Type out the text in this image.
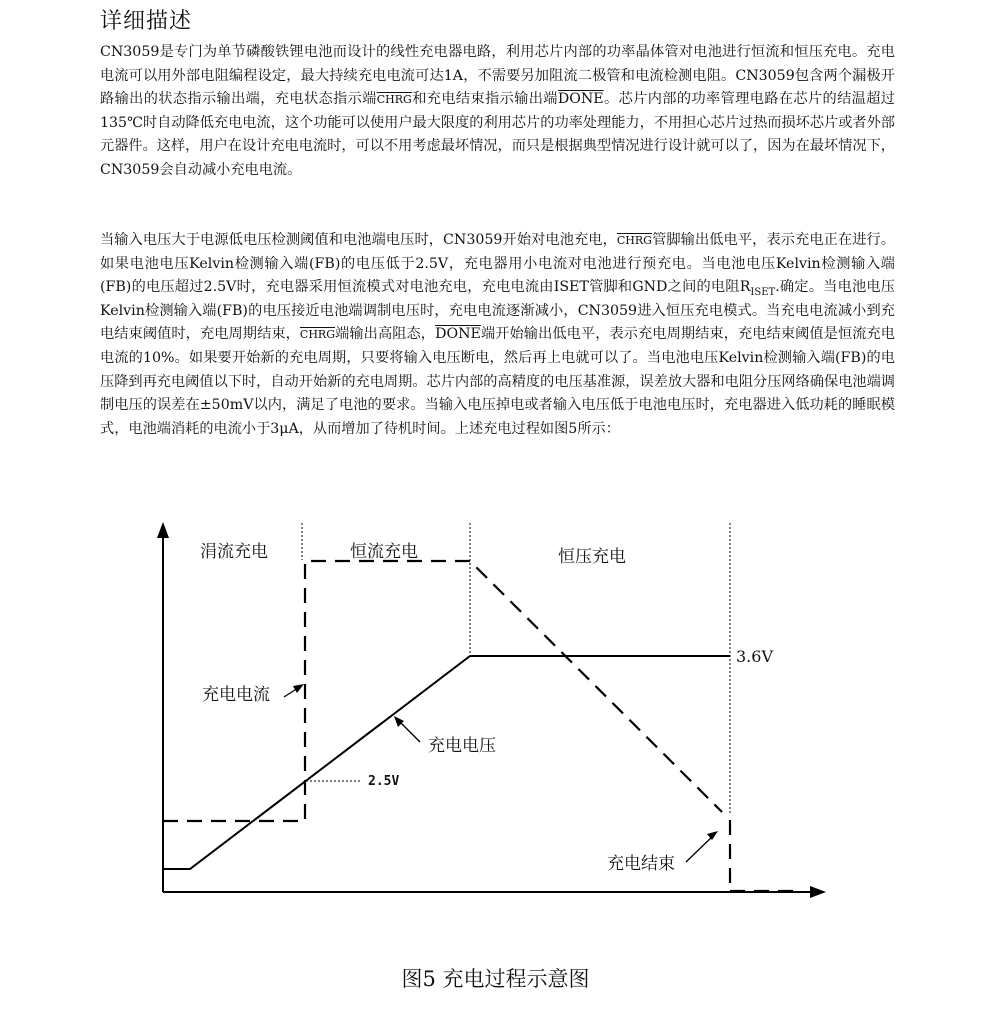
详细描述
CN3059是专门为单节磷酸铁锂电池而设计的线性充电器电路，利用芯片内部的功率晶体管对电池进行恒流和恒压充电。充电电流可以用外部电阻编程设定，最大持续充电电流可达1A，不需要另加阻流二极管和电流检测电阻。CN3059包含两个漏极开路输出的状态指示输出端，充电状态指示端CHRG和充电结束指示输出端DONE。芯片内部的功率管理电路在芯片的结温超过135℃时自动降低充电电流，这个功能可以使用户最大限度的利用芯片的功率处理能力，不用担心芯片过热而损坏芯片或者外部元器件。这样，用户在设计充电电流时，可以不用考虑最坏情况，而只是根据典型情况进行设计就可以了，因为在最坏情况下，CN3059会自动减小充电电流。
当输入电压大于电源低电压检测阈值和电池端电压时，CN3059开始对电池充电，CHRG管脚输出低电平，表示充电正在进行。如果电池电压Kelvin检测输入端(FB)的电压低于2.5V，充电器用小电流对电池进行预充电。当电池电压Kelvin检测输入端(FB)的电压超过2.5V时，充电器采用恒流模式对电池充电，充电电流由ISET管脚和GND之间的电阻$R_{ISET}$.确定。当电池电压Kelvin检测输入端(FB)的电压接近电池端调制电压时，充电电流逐渐减小，CN3059进入恒压充电模式。当充电电流减小到充电结束阈值时，充电周期结束，CHRG端输出高阻态，DONE端开始输出低电平，表示充电周期结束，充电结束阈值是恒流充电电流的10%。如果要开始新的充电周期，只要将输入电压断电，然后再上电就可以了。当电池电压Kelvin检测输入端(FB)的电压降到再充电阈值以下时，自动开始新的充电周期。芯片内部的高精度的电压基准源，误差放大器和电阻分压网络确保电池端调制电压的误差在±50mV以内，满足了电池的要求。当输入电压掉电或者输入电压低于电池电压时，充电器进入低功耗的睡眠模式，电池端消耗的电流小于3μA，从而增加了待机时间。上述充电过程如图5所示：
涓流充电	恒流充电	恒压充电
充电电流
充电电压
2.5V
3.6V
充电结束
图5 充电过程示意图
